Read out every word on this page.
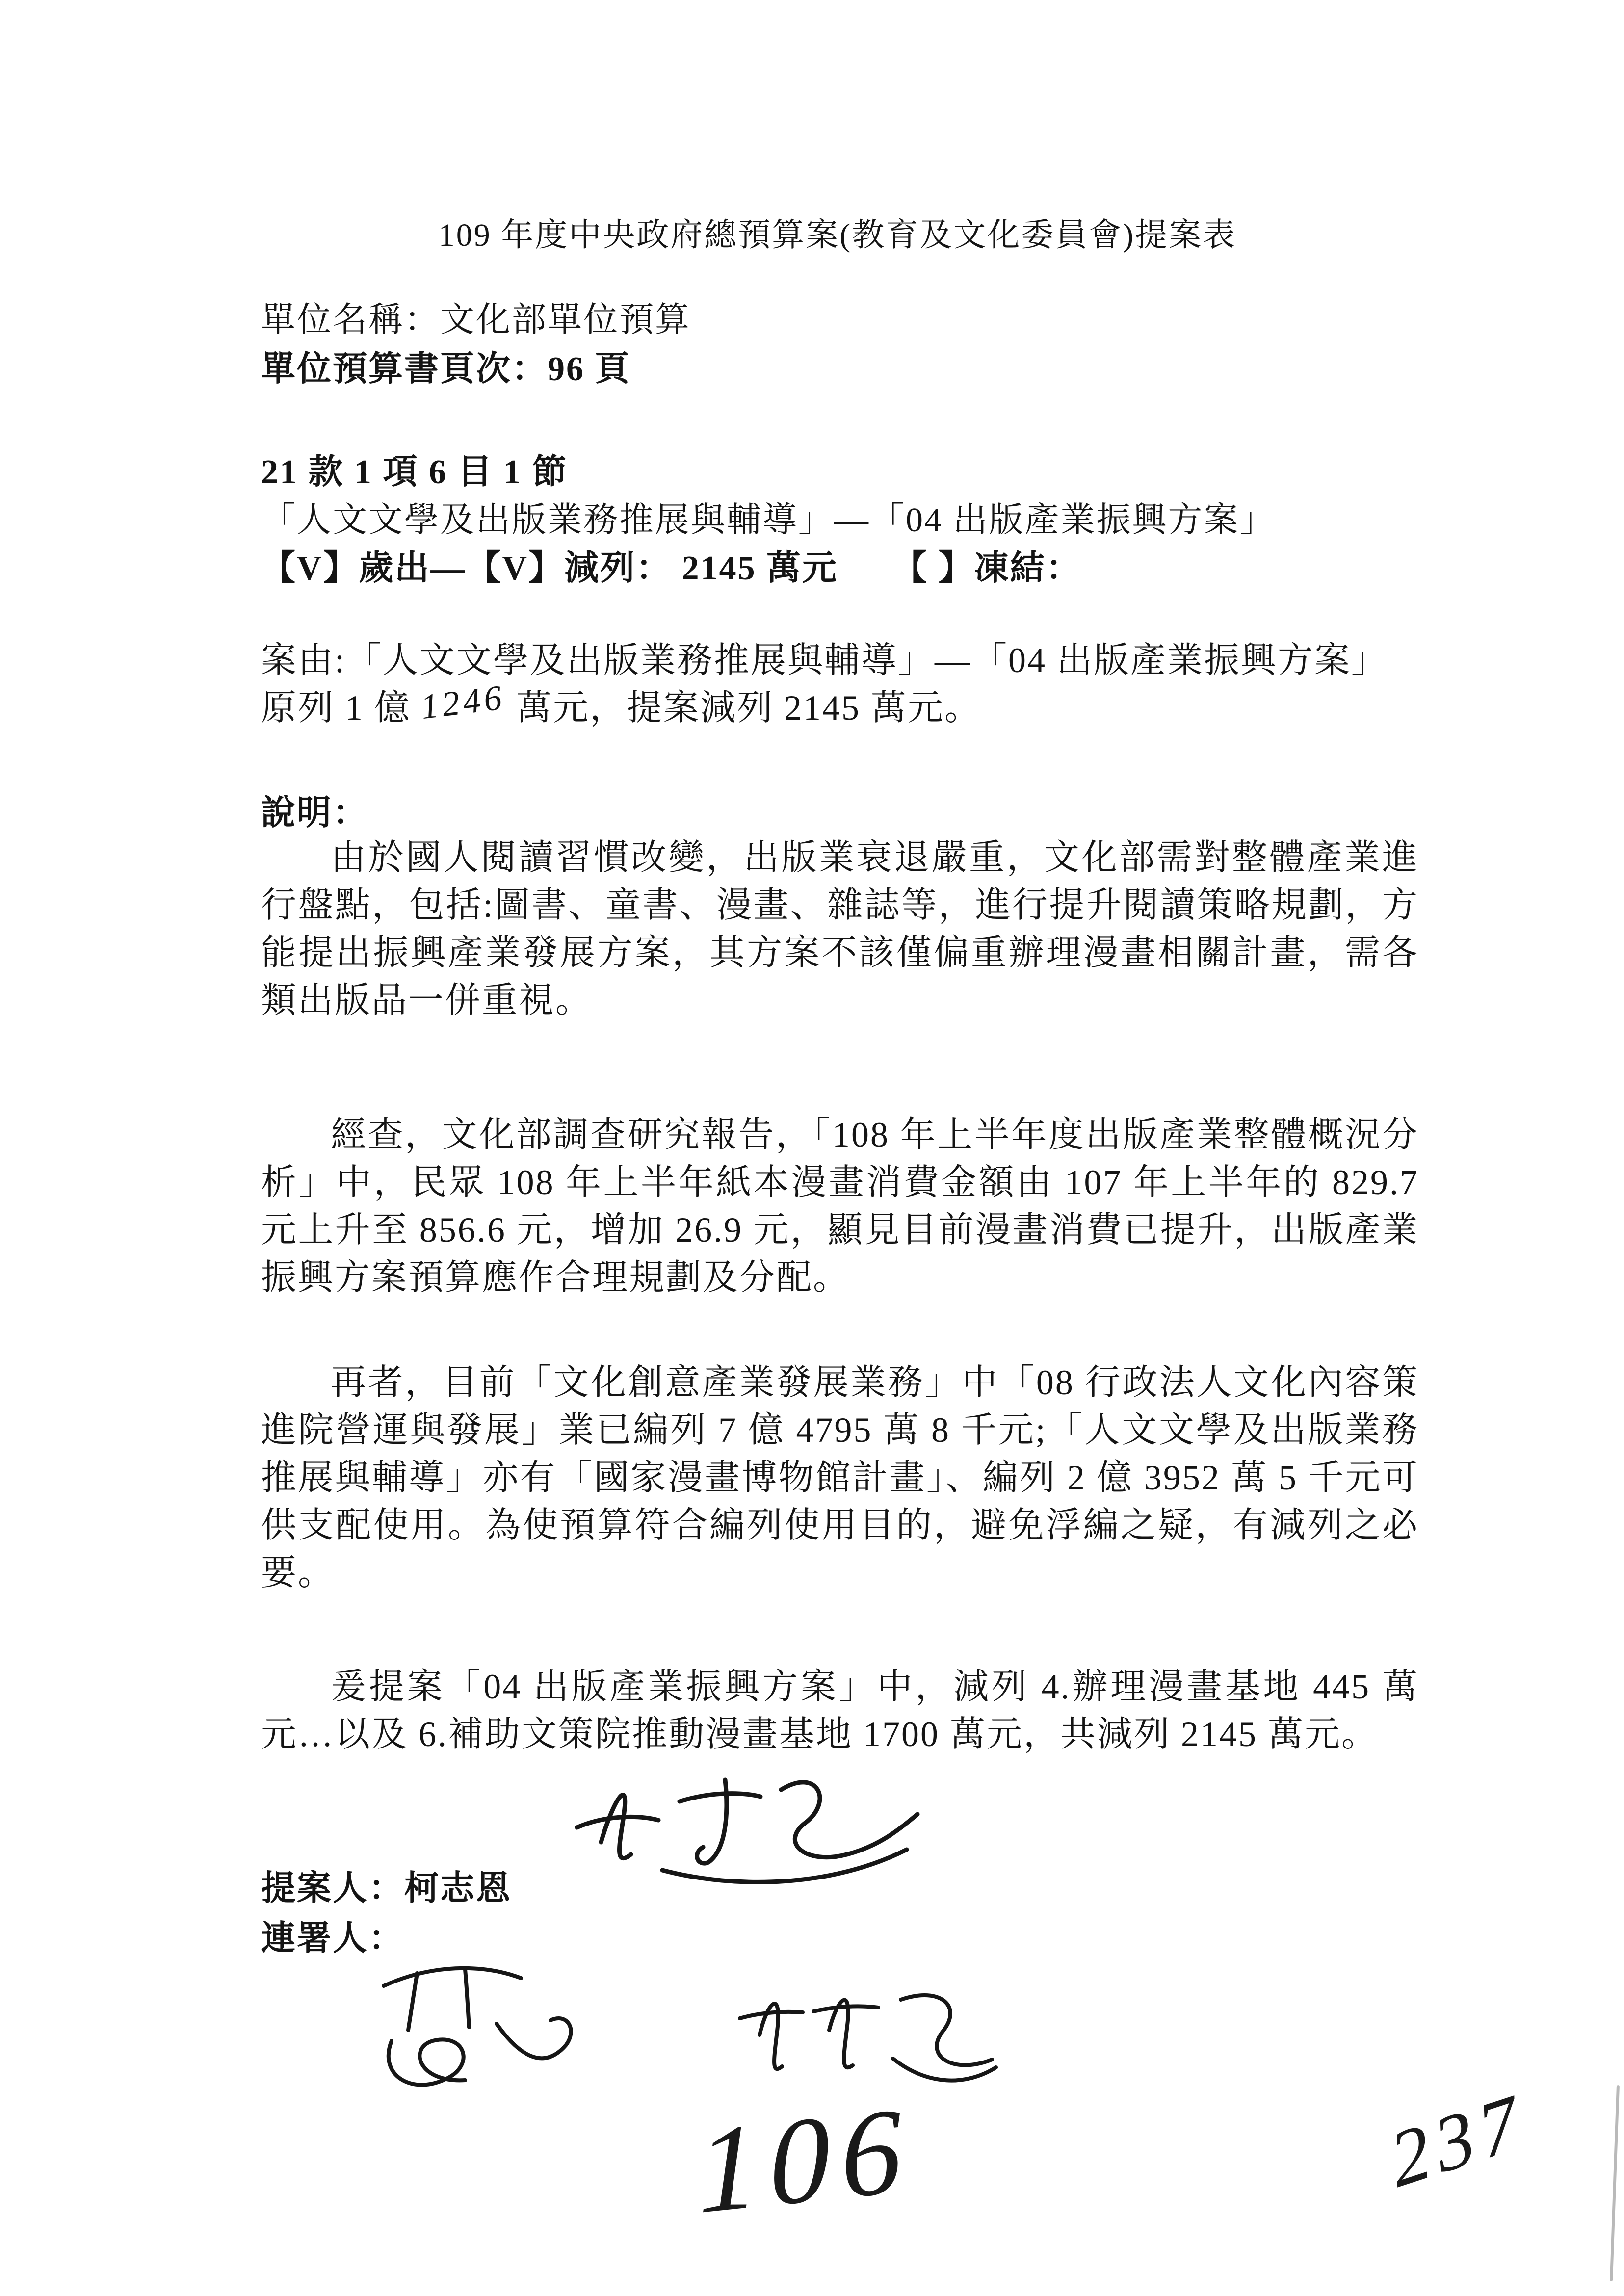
109 年度中央政府總預算案(教育及文化委員會)提案表
單位名稱：文化部單位預算
單位預算書頁次：96 頁
21 款 1 項 6 目 1 節
「人文文學及出版業務推展與輔導」—「04 出版產業振興方案」
【V】歲出—【V】減列： 2145 萬元　　【 】凍結：
案由:「人文文學及出版業務推展與輔導」—「04 出版產業振興方案」
原列 1 億 1246 萬元，提案減列 2145 萬元。
說明：
由於國人閱讀習慣改變，出版業衰退嚴重，文化部需對整體產業進行盤點，包括:圖書、童書、漫畫、雜誌等，進行提升閱讀策略規劃，方能提出振興產業發展方案，其方案不該僅偏重辦理漫畫相關計畫，需各類出版品一併重視。
經查，文化部調查研究報告，「108 年上半年度出版產業整體概況分析」中，民眾 108 年上半年紙本漫畫消費金額由 107 年上半年的 829.7 元上升至 856.6 元，增加 26.9 元，顯見目前漫畫消費已提升，出版產業振興方案預算應作合理規劃及分配。
再者，目前「文化創意產業發展業務」中「08 行政法人文化內容策進院營運與發展」業已編列 7 億 4795 萬 8 千元;「人文文學及出版業務推展與輔導」亦有「國家漫畫博物館計畫」、編列 2 億 3952 萬 5 千元可供支配使用。為使預算符合編列使用目的，避免浮編之疑，有減列之必要。
爰提案「04 出版產業振興方案」中，減列 4.辦理漫畫基地 445 萬元…以及 6.補助文策院推動漫畫基地 1700 萬元，共減列 2145 萬元。
提案人：柯志恩
連署人：
106	237
